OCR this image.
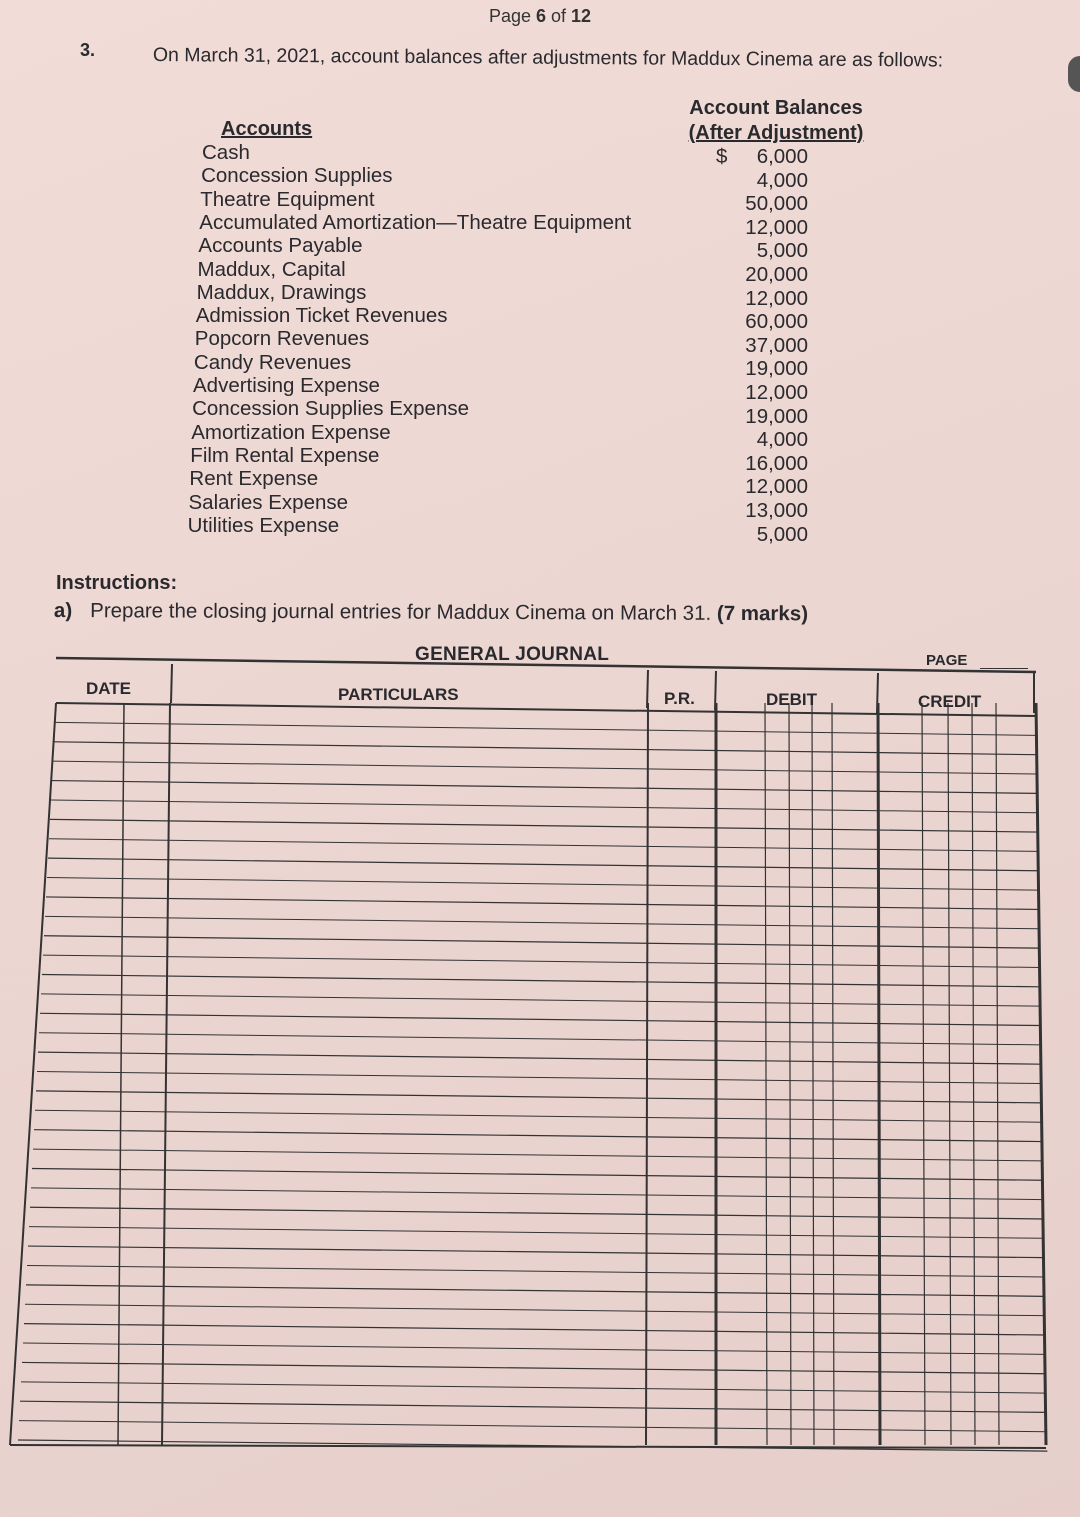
Page 6 of 12
3.	On March 31, 2021, account balances after adjustments for Maddux Cinema are as follows:
Account Balances
(After Adjustment)
Accounts
$
Cash	6,000
Concession Supplies	4,000
Theatre Equipment	50,000
Accumulated Amortization—Theatre Equipment	12,000
Accounts Payable	5,000
Maddux, Capital	20,000
Maddux, Drawings	12,000
Admission Ticket Revenues	60,000
Popcorn Revenues	37,000
Candy Revenues	19,000
Advertising Expense	12,000
Concession Supplies Expense	19,000
Amortization Expense	4,000
Film Rental Expense	16,000
Rent Expense	12,000
Salaries Expense	13,000
Utilities Expense	5,000
Instructions:
a) Prepare the closing journal entries for Maddux Cinema on March 31. (7 marks)
GENERAL JOURNAL	PAGE
DATE	PARTICULARS	P.R.	DEBIT	CREDIT
